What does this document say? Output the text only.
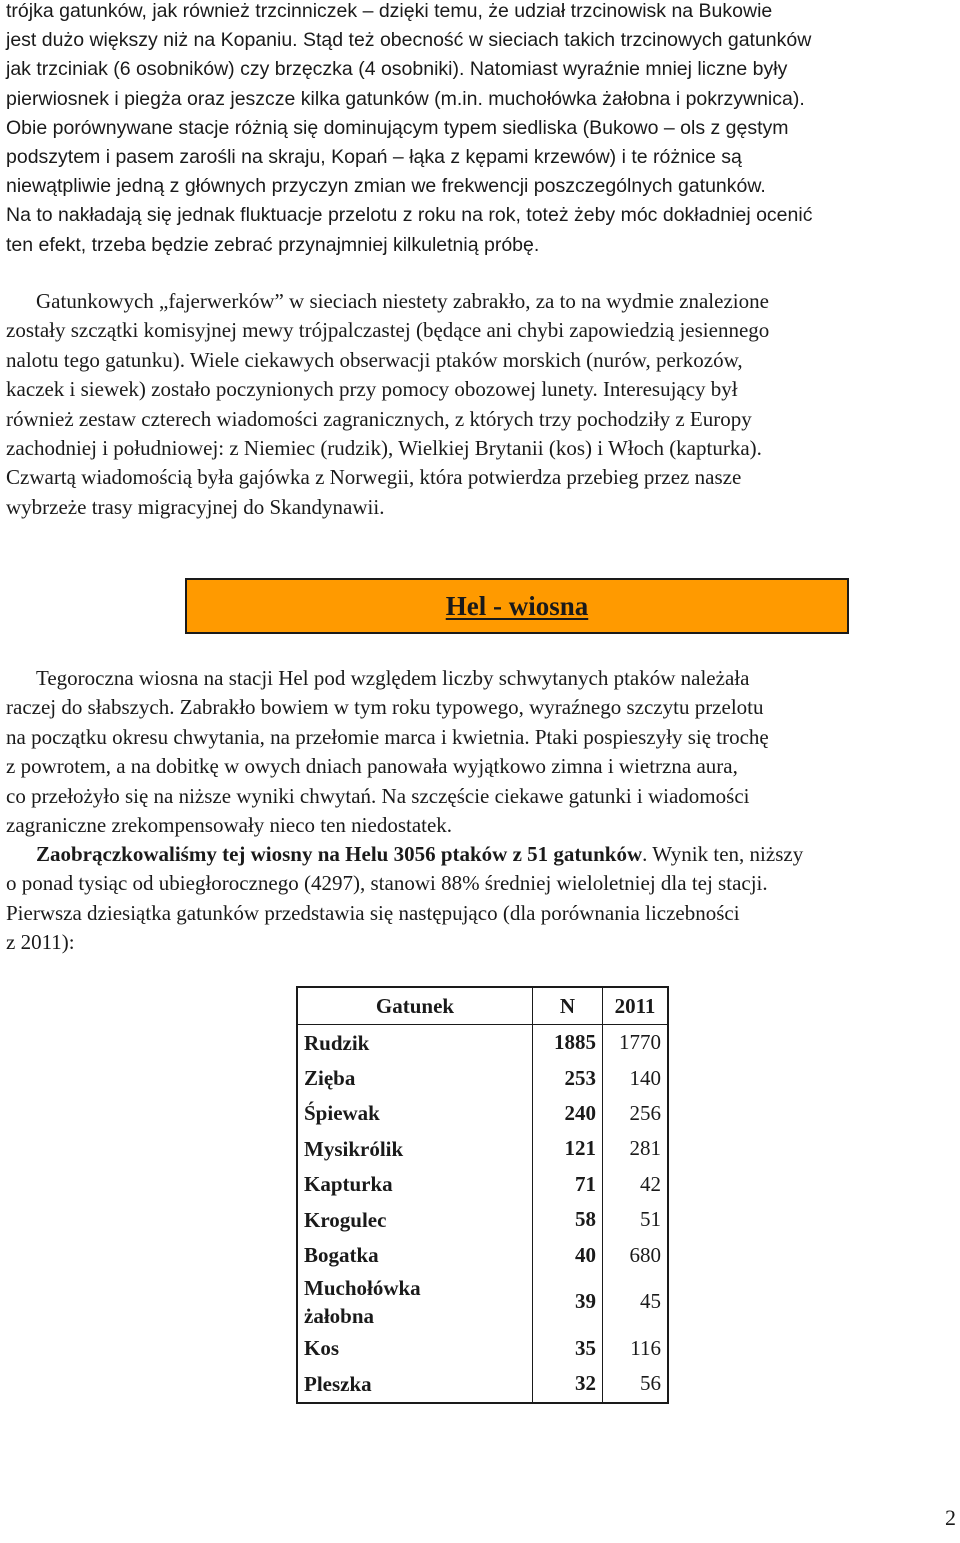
trójka gatunków, jak również trzcinniczek – dzięki temu, że udział trzcinowisk na Bukowie
jest dużo większy niż na Kopaniu. Stąd też obecność w sieciach takich trzcinowych gatunków
jak trzciniak (6 osobników) czy brzęczka (4 osobniki). Natomiast wyraźnie mniej liczne były
pierwiosnek i piegża oraz jeszcze kilka gatunków (m.in. muchołówka żałobna i pokrzywnica).
Obie porównywane stacje różnią się dominującym typem siedliska (Bukowo – ols z gęstym
podszytem i pasem zarośli na skraju, Kopań – łąka z kępami krzewów) i te różnice są
niewątpliwie jedną z głównych przyczyn zmian we frekwencji poszczególnych gatunków.
Na to nakładają się jednak fluktuacje przelotu z roku na rok, toteż żeby móc dokładniej ocenić
ten efekt, trzeba będzie zebrać przynajmniej kilkuletnią próbę.

Gatunkowych „fajerwerków” w sieciach niestety zabrakło, za to na wydmie znalezione
zostały szczątki komisyjnej mewy trójpalczastej (będące ani chybi zapowiedzią jesiennego
nalotu tego gatunku). Wiele ciekawych obserwacji ptaków morskich (nurów, perkozów,
kaczek i siewek) zostało poczynionych przy pomocy obozowej lunety. Interesujący był
również zestaw czterech wiadomości zagranicznych, z których trzy pochodziły z Europy
zachodniej i południowej: z Niemiec (rudzik), Wielkiej Brytanii (kos) i Włoch (kapturka).
Czwartą wiadomością była gajówka z Norwegii, która potwierdza przebieg przez nasze
wybrzeże trasy migracyjnej do Skandynawii.

Hel - wiosna

Tegoroczna wiosna na stacji Hel pod względem liczby schwytanych ptaków należała
raczej do słabszych. Zabrakło bowiem w tym roku typowego, wyraźnego szczytu przelotu
na początku okresu chwytania, na przełomie marca i kwietnia. Ptaki pospieszyły się trochę
z powrotem, a na dobitkę w owych dniach panowała wyjątkowo zimna i wietrzna aura,
co przełożyło się na niższe wyniki chwytań. Na szczęście ciekawe gatunki i wiadomości
zagraniczne zrekompensowały nieco ten niedostatek.

Zaobrączkowaliśmy tej wiosny na Helu 3056 ptaków z 51 gatunków. Wynik ten, niższy
o ponad tysiąc od ubiegłorocznego (4297), stanowi 88% średniej wieloletniej dla tej stacji.
Pierwsza dziesiątka gatunków przedstawia się następująco (dla porównania liczebności
z 2011):

Gatunek	N	2011
Rudzik	1885	1770
Zięba	253	140
Śpiewak	240	256
Mysikrólik	121	281
Kapturka	71	42
Krogulec	58	51
Bogatka	40	680
Muchołówka
żałobna	39	45
Kos	35	116
Pleszka	32	56
2
